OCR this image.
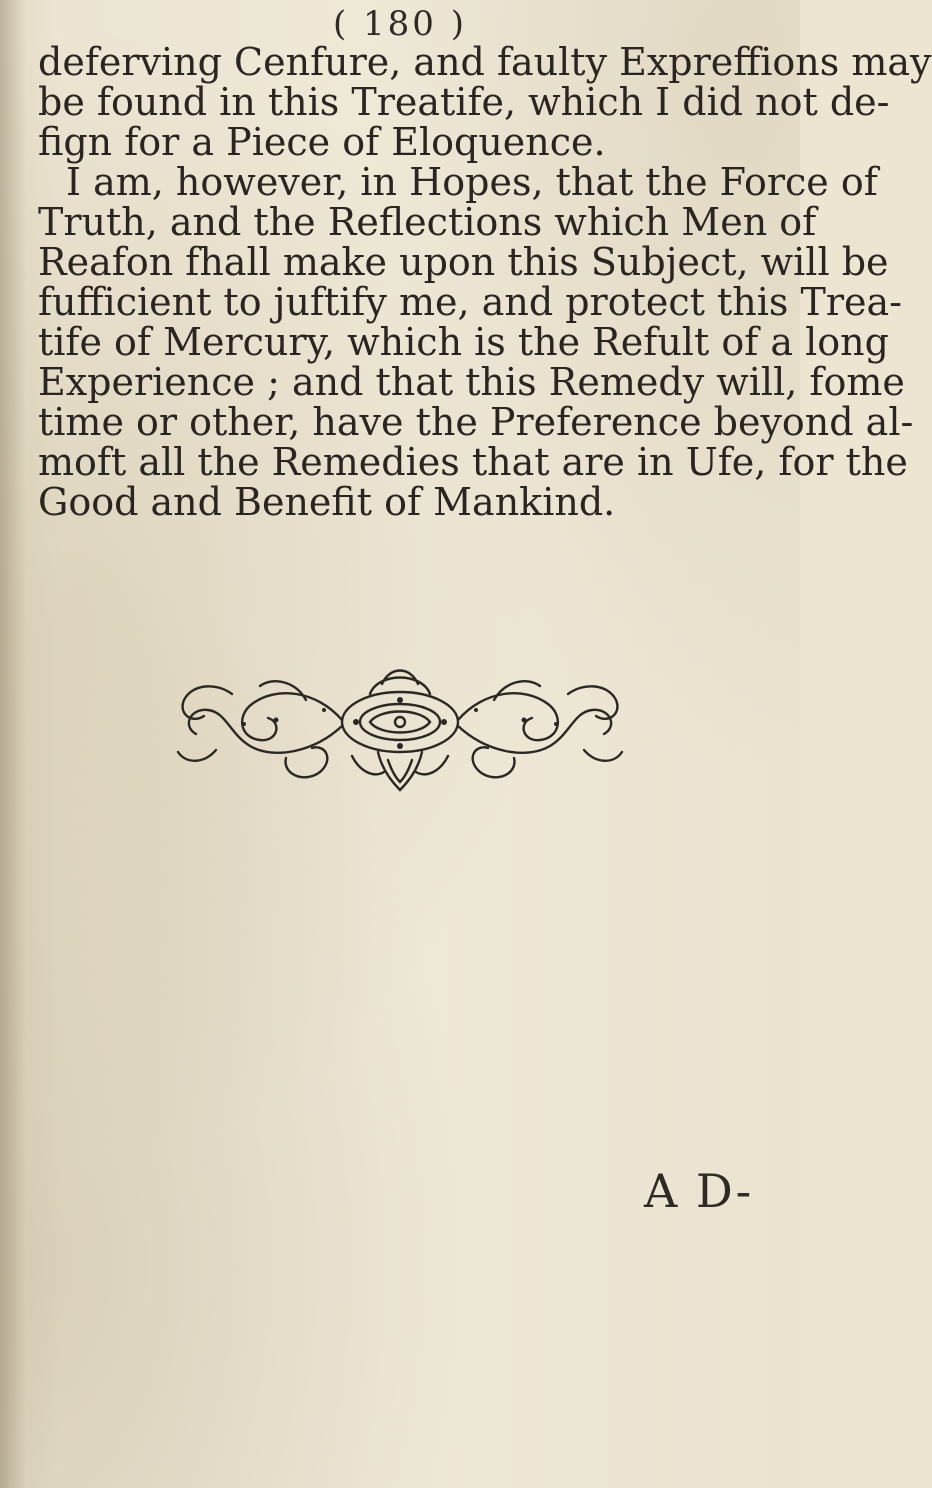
( 180 )
deferving Cenfure, and faulty Expreffions may
be found in this Treatife, which I did not de-
fign for a Piece of Eloquence.
I am, however, in Hopes, that the Force of
Truth, and the Reflections which Men of
Reafon fhall make upon this Subject, will be
fufficient to juftify me, and protect this Trea-
tife of Mercury, which is the Refult of a long
Experience ; and that this Remedy will, fome
time or other, have the Preference beyond al-
moft all the Remedies that are in Ufe, for the
Good and Benefit of Mankind.
A D-
